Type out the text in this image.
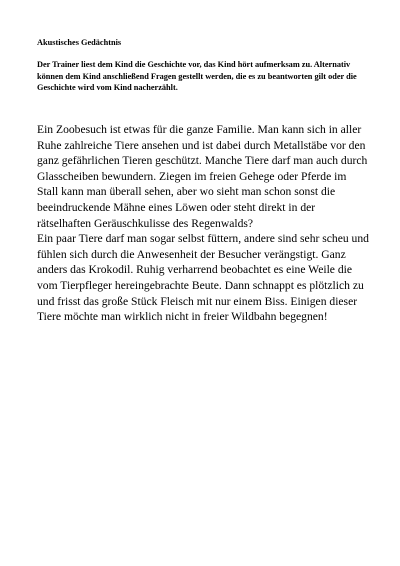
Akustisches Gedächtnis

Der Trainer liest dem Kind die Geschichte vor, das Kind hört aufmerksam zu. Alternativ können dem Kind anschließend Fragen gestellt werden, die es zu beantworten gilt oder die Geschichte wird vom Kind nacherzählt.

Ein Zoobesuch ist etwas für die ganze Familie. Man kann sich in aller Ruhe zahlreiche Tiere ansehen und ist dabei durch Metallstäbe vor den ganz gefährlichen Tieren geschützt. Manche Tiere darf man auch durch Glasscheiben bewundern. Ziegen im freien Gehege oder Pferde im Stall kann man überall sehen, aber wo sieht man schon sonst die beeindruckende Mähne eines Löwen oder steht direkt in der rätselhaften Geräuschkulisse des Regenwalds?

Ein paar Tiere darf man sogar selbst füttern, andere sind sehr scheu und fühlen sich durch die Anwesenheit der Besucher verängstigt. Ganz anders das Krokodil. Ruhig verharrend beobachtet es eine Weile die vom Tierpfleger hereingebrachte Beute. Dann schnappt es plötzlich zu und frisst das große Stück Fleisch mit nur einem Biss. Einigen dieser Tiere möchte man wirklich nicht in freier Wildbahn begegnen!
